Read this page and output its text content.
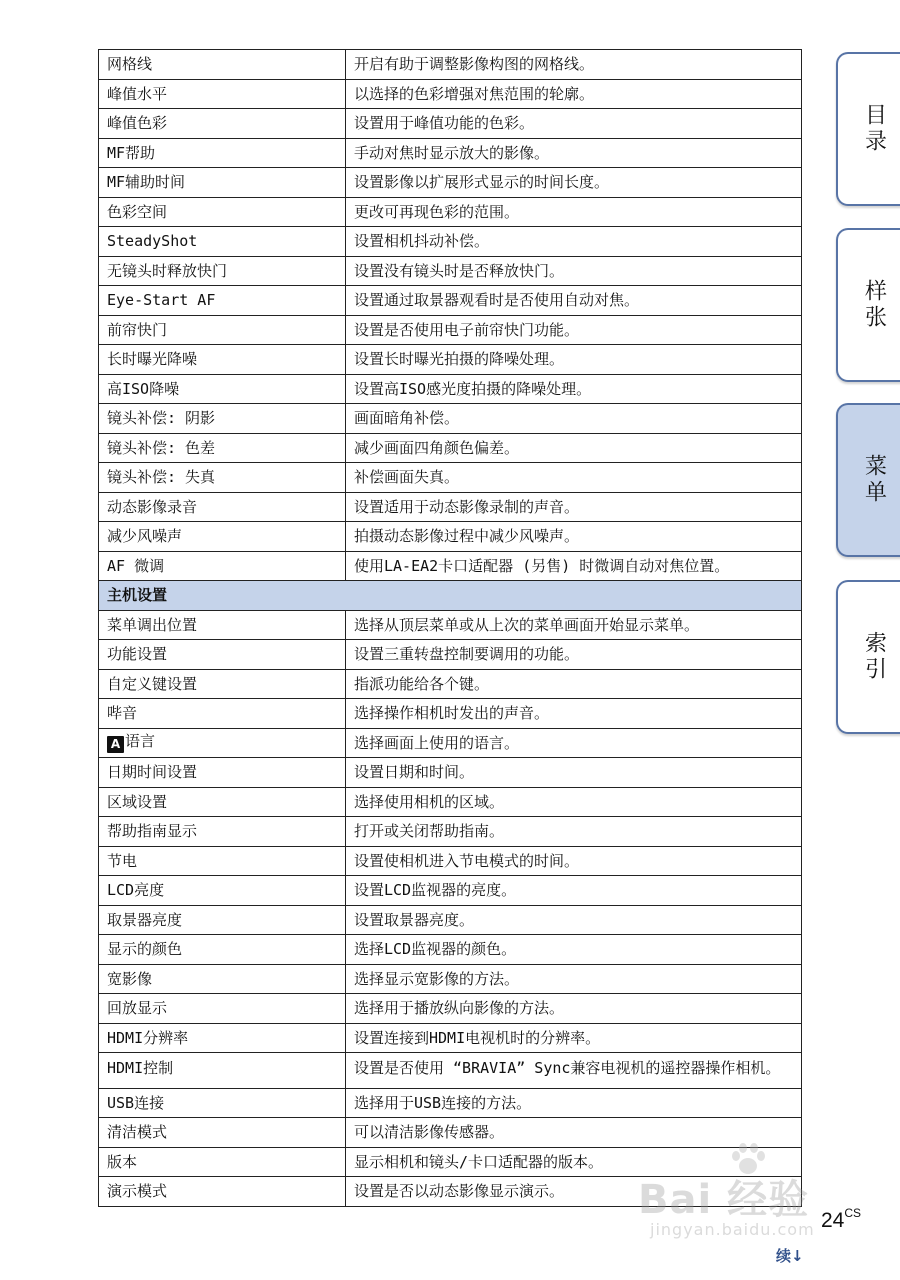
网格线	开启有助于调整影像构图的网格线。
峰值水平	以选择的色彩增强对焦范围的轮廓。
峰值色彩	设置用于峰值功能的色彩。
MF帮助	手动对焦时显示放大的影像。
MF辅助时间	设置影像以扩展形式显示的时间长度。
色彩空间	更改可再现色彩的范围。
SteadyShot	设置相机抖动补偿。
无镜头时释放快门	设置没有镜头时是否释放快门。
Eye-Start AF	设置通过取景器观看时是否使用自动对焦。
前帘快门	设置是否使用电子前帘快门功能。
长时曝光降噪	设置长时曝光拍摄的降噪处理。
高ISO降噪	设置高ISO感光度拍摄的降噪处理。
镜头补偿: 阴影	画面暗角补偿。
镜头补偿: 色差	减少画面四角颜色偏差。
镜头补偿: 失真	补偿画面失真。
动态影像录音	设置适用于动态影像录制的声音。
减少风噪声	拍摄动态影像过程中减少风噪声。
AF 微调	使用LA-EA2卡口适配器 (另售) 时微调自动对焦位置。
主机设置	
菜单调出位置	选择从顶层菜单或从上次的菜单画面开始显示菜单。
功能设置	设置三重转盘控制要调用的功能。
自定义键设置	指派功能给各个键。
哔音	选择操作相机时发出的声音。
A 语言	选择画面上使用的语言。
日期时间设置	设置日期和时间。
区域设置	选择使用相机的区域。
帮助指南显示	打开或关闭帮助指南。
节电	设置使相机进入节电模式的时间。
LCD亮度	设置LCD监视器的亮度。
取景器亮度	设置取景器亮度。
显示的颜色	选择LCD监视器的颜色。
宽影像	选择显示宽影像的方法。
回放显示	选择用于播放纵向影像的方法。
HDMI分辨率	设置连接到HDMI电视机时的分辨率。
HDMI控制	设置是否使用 “BRAVIA” Sync兼容电视机的遥控器操作相机。
USB连接	选择用于USB连接的方法。
清洁模式	可以清洁影像传感器。
版本	显示相机和镜头/卡口适配器的版本。
演示模式	设置是否以动态影像显示演示。
目录
样张
菜单
索引
Bai 经验
jingyan.baidu.com $24^{CS}$
续↓
